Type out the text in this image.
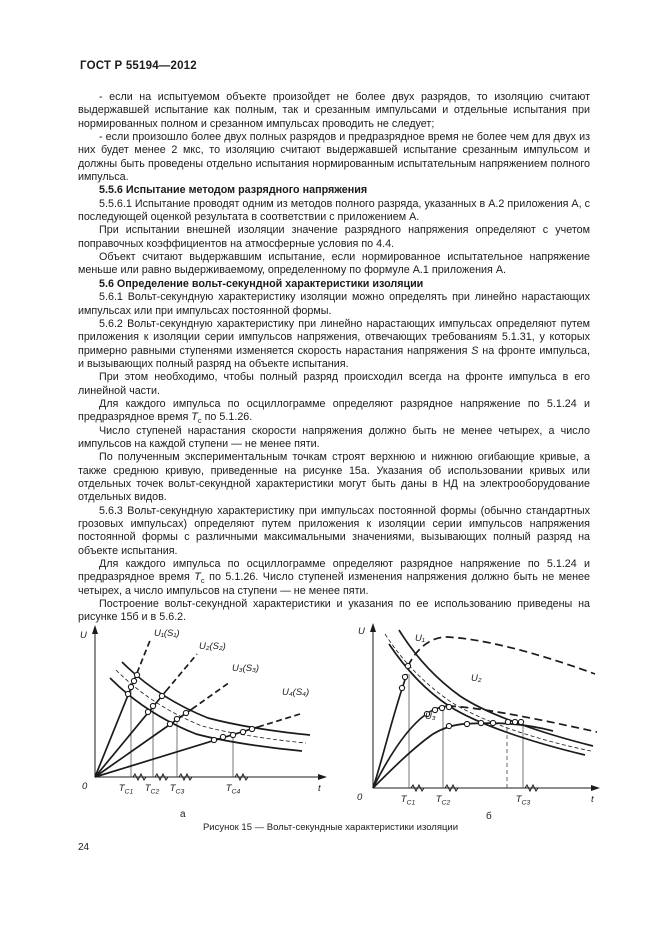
ГОСТ Р 55194—2012

- если на испытуемом объекте произойдет не более двух разрядов, то изоляцию считают выдержавшей испытание как полным, так и срезанным импульсами и отдельные испытания при нормированных полном и срезанном импульсах проводить не следует;

- если произошло более двух полных разрядов и предразрядное время не более чем для двух из них будет менее 2 мкс, то изоляцию считают выдержавшей испытание срезанным импульсом и должны быть проведены отдельно испытания нормированным испытательным напряжением полного импульса.

5.5.6 Испытание методом разрядного напряжения

5.5.6.1 Испытание проводят одним из методов полного разряда, указанных в А.2 приложения А, с последующей оценкой результата в соответствии с приложением А.

При испытании внешней изоляции значение разрядного напряжения определяют с учетом поправочных коэффициентов на атмосферные условия по 4.4.

Объект считают выдержавшим испытание, если нормированное испытательное напряжение меньше или равно выдерживаемому, определенному по формуле А.1 приложения А.

5.6 Определение вольт-секундной характеристики изоляции

5.6.1 Вольт-секундную характеристику изоляции можно определять при линейно нарастающих импульсах или при импульсах постоянной формы.

5.6.2 Вольт-секундную характеристику при линейно нарастающих импульсах определяют путем приложения к изоляции серии импульсов напряжения, отвечающих требованиям 5.1.31, у которых примерно равными ступенями изменяется скорость нарастания напряжения S на фронте импульса, и вызывающих полный разряд на объекте испытания.

При этом необходимо, чтобы полный разряд происходил всегда на фронте импульса в его линейной части.

Для каждого импульса по осциллограмме определяют разрядное напряжение по 5.1.24 и предразрядное время $Т_с$ по 5.1.26.

Число ступеней нарастания скорости напряжения должно быть не менее четырех, а число импульсов на каждой ступени — не менее пяти.

По полученным экспериментальным точкам строят верхнюю и нижнюю огибающие кривые, а также среднюю кривую, приведенные на рисунке 15а. Указания об использовании кривых или отдельных точек вольт-секундной характеристики могут быть даны в НД на электрооборудование отдельных видов.

5.6.3 Вольт-секундную характеристику при импульсах постоянной формы (обычно стандартных грозовых импульсах) определяют путем приложения к изоляции серии импульсов напряжения постоянной формы с различными максимальными значениями, вызывающих полный разряд на объекте испытания.

Для каждого импульса по осциллограмме определяют разрядное напряжение по 5.1.24 и предразрядное время $Т_с$ по 5.1.26. Число ступеней изменения напряжения должно быть не менее четырех, а число импульсов на ступени — не менее пяти.

Построение вольт-секундной характеристики и указания по ее использованию приведены на рисунке 15б и в 5.6.2.

U
t
0
U₁(S₁)
U₂(S₂)
U₃(S₃)
U₄(S₄)
$T_{C1}$ $T_{C2}$ $T_{C3}$	$T_{C4}$
U
t
0
U₁
U₂
U₃
$T_{C1}$ $T_{C2}$	$T_{C3}$
а	б
Рисунок 15 — Вольт-секундные характеристики изоляции
24
